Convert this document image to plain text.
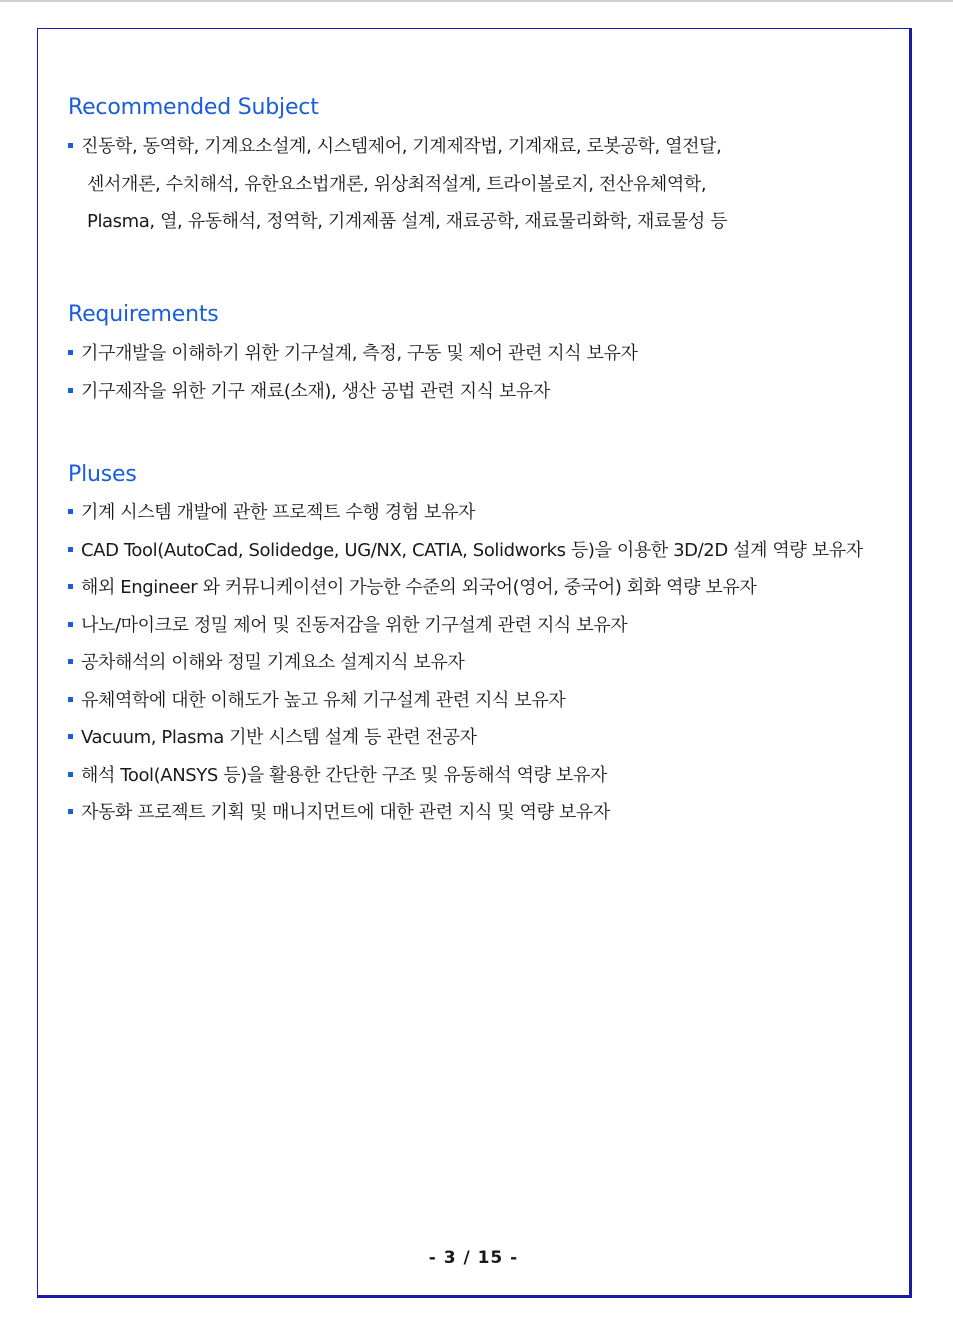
Recommended Subject
진동학, 동역학, 기계요소설계, 시스템제어, 기계제작법, 기계재료, 로봇공학, 열전달,
센서개론, 수치해석, 유한요소법개론, 위상최적설계, 트라이볼로지, 전산유체역학,
Plasma, 열, 유동해석, 정역학, 기계제품 설계, 재료공학, 재료물리화학, 재료물성 등
Requirements
기구개발을 이해하기 위한 기구설계, 측정, 구동 및 제어 관련 지식 보유자
기구제작을 위한 기구 재료(소재), 생산 공법 관련 지식 보유자
Pluses
기계 시스템 개발에 관한 프로젝트 수행 경험 보유자
CAD Tool(AutoCad, Solidedge, UG/NX, CATIA, Solidworks 등)을 이용한 3D/2D 설계 역량 보유자
해외 Engineer 와 커뮤니케이션이 가능한 수준의 외국어(영어, 중국어) 회화 역량 보유자
나노/마이크로 정밀 제어 및 진동저감을 위한 기구설계 관련 지식 보유자
공차해석의 이해와 정밀 기계요소 설계지식 보유자
유체역학에 대한 이해도가 높고 유체 기구설계 관련 지식 보유자
Vacuum, Plasma 기반 시스템 설계 등 관련 전공자
해석 Tool(ANSYS 등)을 활용한 간단한 구조 및 유동해석 역량 보유자
자동화 프로젝트 기획 및 매니지먼트에 대한 관련 지식 및 역량 보유자
- 3 / 15 -
